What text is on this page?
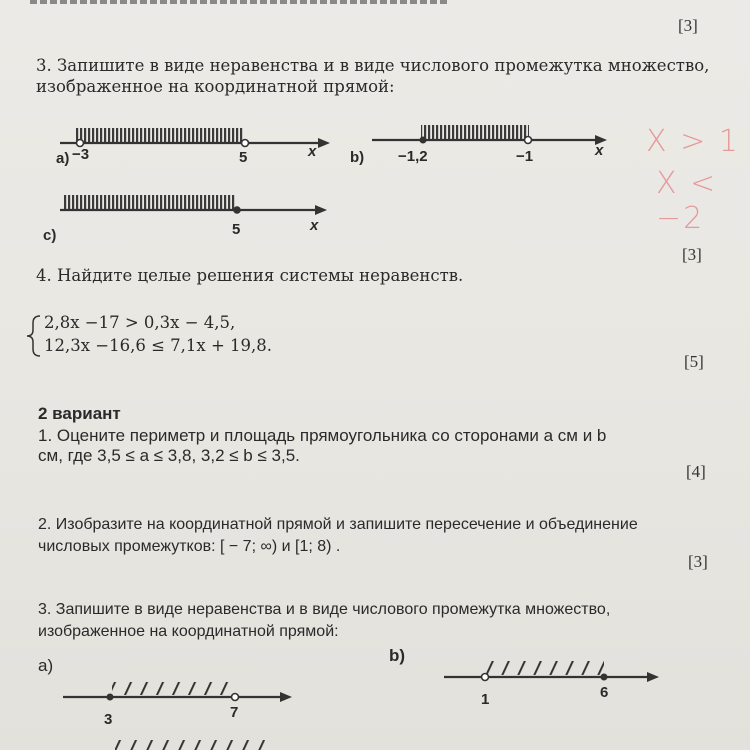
[3]
3. Запишите в виде неравенства и в виде числового промежутка множество,
изображенное на координатной прямой:
a) −3	5	x b) −1,2	−1	x
c)	5	x
3	7
1	6
X > 1
X < −2
[3]
4. Найдите целые решения системы неравенств.
2,8x −17 > 0,3x − 4,5,
12,3x −16,6 ≤ 7,1x + 19,8.
[5]
2 вариант
1. Оцените периметр и площадь прямоугольника со сторонами a см и b
см, где 3,5 ≤ a ≤ 3,8, 3,2 ≤ b ≤ 3,5.
[4]
2. Изобразите на координатной прямой и запишите пересечение и объединение
числовых промежутков: [ − 7; ∞) и [1; 8) .
[3]
3. Запишите в виде неравенства и в виде числового промежутка множество,
изображенное на координатной прямой:
a)
b)
